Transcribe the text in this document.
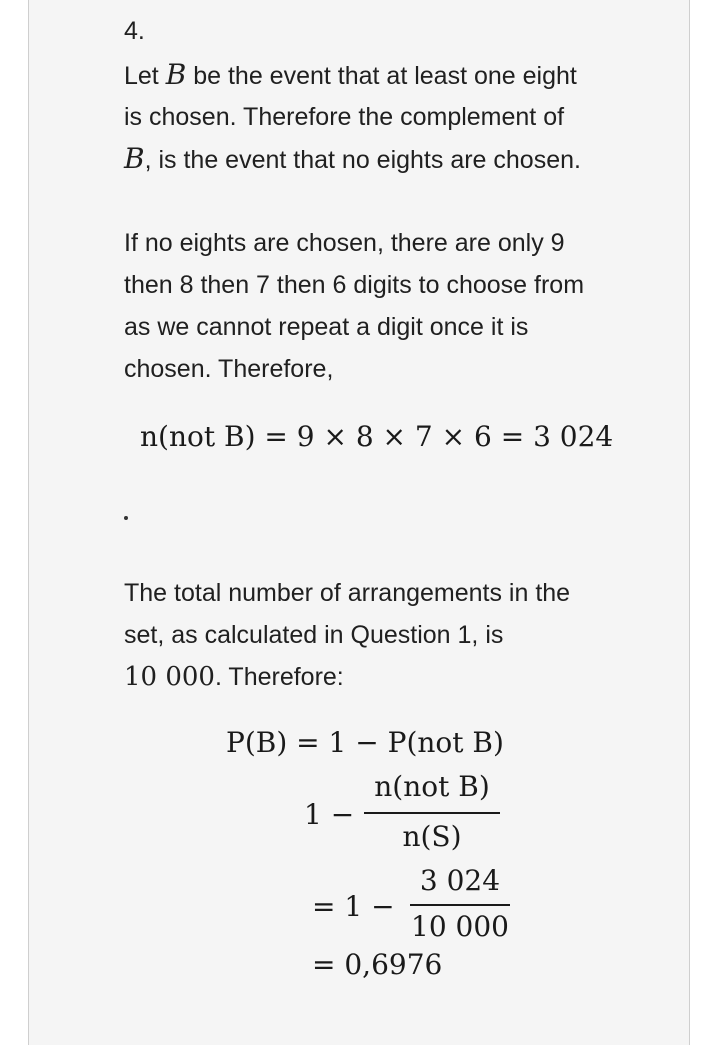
4.

Let B be the event that at least one eight

is chosen. Therefore the complement of

B, is the event that no eights are chosen.

If no eights are chosen, there are only 9

then 8 then 7 then 6 digits to choose from

as we cannot repeat a digit once it is

chosen. Therefore,

n(not B) = 9 × 8 × 7 × 6 = 3 024

The total number of arrangements in the

set, as calculated in Question 1, is

10 000. Therefore:

P(B) = 1 − P(not B)
1 −
n(not B)
n(S)
= 1 −
3 024
10 000
= 0,6976
